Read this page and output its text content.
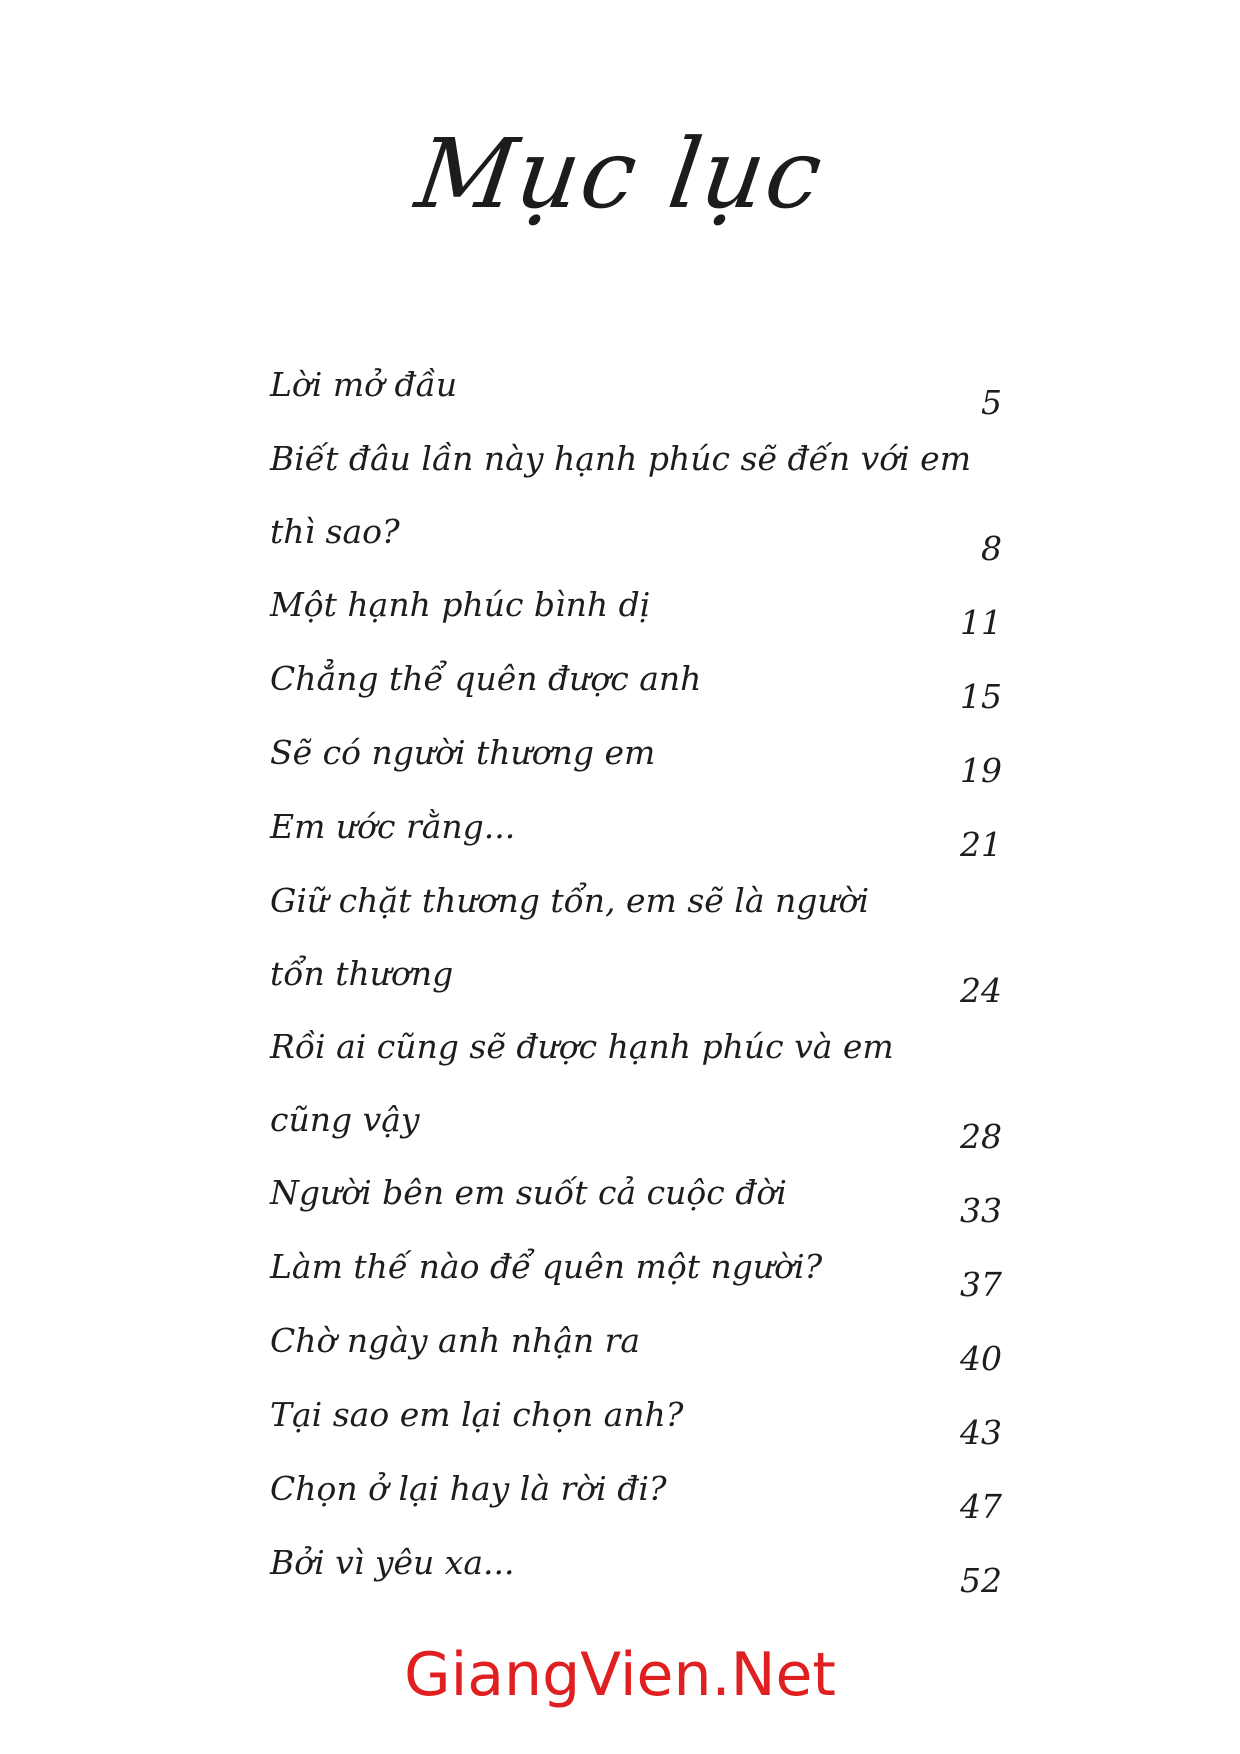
Mục lục
Lời mở đầu	5
Biết đâu lần này hạnh phúc sẽ đến với em
thì sao?	8
Một hạnh phúc bình dị	11
Chẳng thể quên được anh	15
Sẽ có người thương em	19
Em ước rằng...	21
Giữ chặt thương tổn, em sẽ là người
tổn thương	24
Rồi ai cũng sẽ được hạnh phúc và em
cũng vậy	28
Người bên em suốt cả cuộc đời	33
Làm thế nào để quên một người?	37
Chờ ngày anh nhận ra	40
Tại sao em lại chọn anh?	43
Chọn ở lại hay là rời đi?	47
Bởi vì yêu xa...	52
GiangVien.Net
